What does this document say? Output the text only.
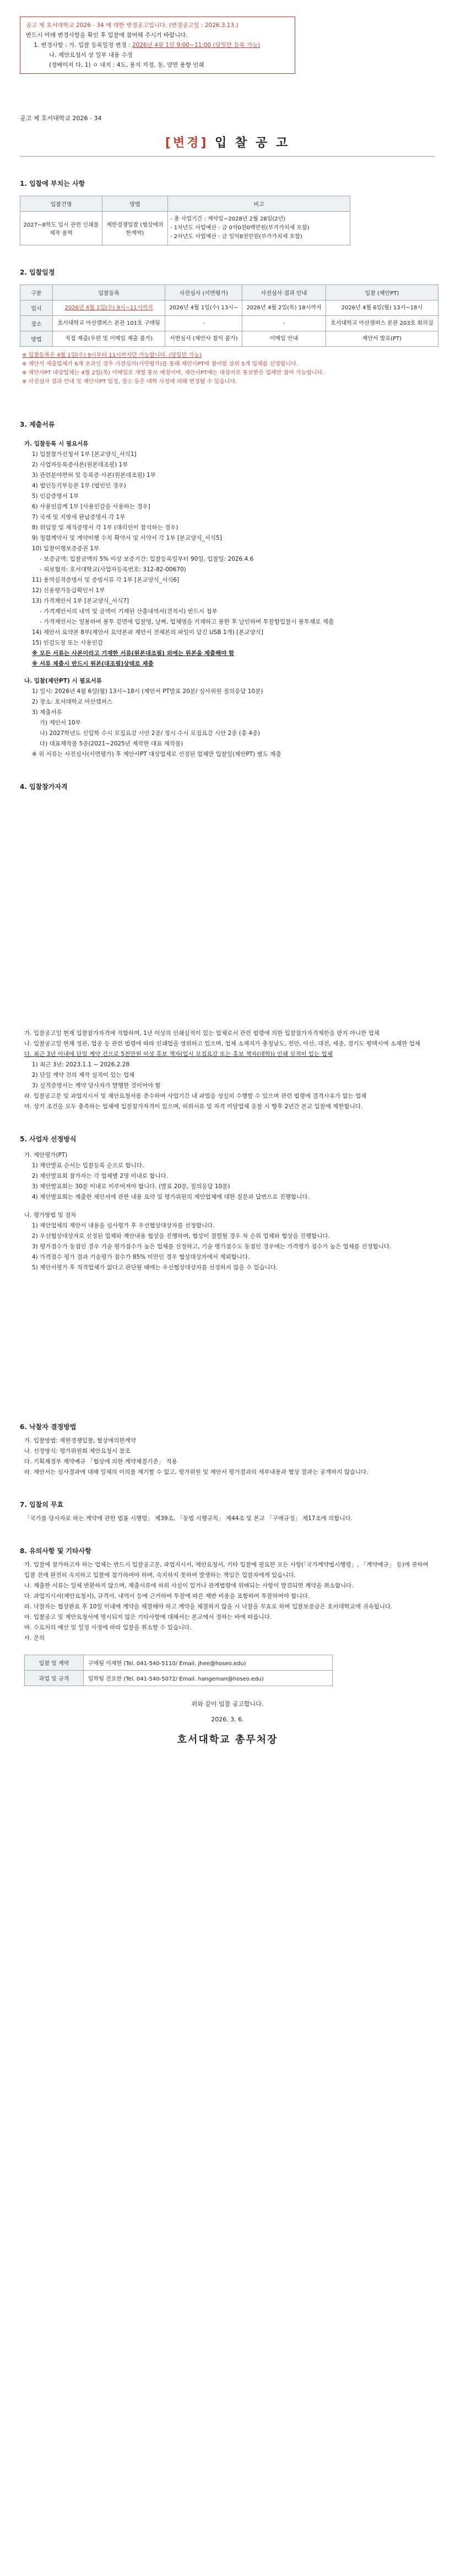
공고 제 호서대학교 2026 - 34 에 대한 변경공고입니다. (변경공고일 : 2026.3.13.)
반드시 아래 변경사항을 확인 후 입찰에 참여해 주시기 바랍니다.
1. 변경사항 : 가. 입찰 등록일정 변경 : 2026년 4월 1일 9:00~11:00 (당일만 등록 가능)
나. 제안요청서 상 일부 내용 수정
(정배이지 다, 1) ㅇ 내지 : 4도, 용지 지정, 동, 양면 용향 인쇄
공고 제 호서대학교 2026 - 34
[변경] 입 찰 공 고
1. 입찰에 부치는 사항
입찰건명	방법	비고
2027~8학도 입시 관련 인쇄물 제작 용역	제한경쟁입찰 (협상에의한계약)	- 총 사업기간 : 계약일~2028년 2월 28일(2년)
- 1차년도 사업예산 : 금 0억0천0백만원(부가가치세 포함)
- 2차년도 사업예산 : 금 일억8천만원(부가가치세 포함)
2. 입찰일정
구분	입찰등록	사전심사 (서면평가)	사전심사 결과 안내	입찰 (제안PT)
일시	2026년 4월 1일(수) 9시~11시까지	2026년 4월 1일(수) 13시~	2026년 4월 2일(목) 18시까지	2026년 4월 6일(월) 13시~18시
장소	호서대학교 아산캠퍼스 본관 101호 구매팀	-	-	호서대학교 아산캠퍼스 본관 203호 회의실
방법	직접 제출(우편 및 이메일 제출 불가)	서면심사 (제안사 참석 불가)	이메일 안내	제안서 발표(PT)
※ 입찰등록은 4월 1일(수) 9시부터 11시까지만 가능합니다. (당일만 가능)
※ 제안서 제출업체가 6개 초과인 경우 사전심사(서면평가)를 통해 제안사PT에 참여할 상위 5개 업체를 선정합니다.
※ 제안사PT 대상업체는 4월 2일(목) 이메일로 개별 통보 예정이며, 제안사PT에는 대상자로 통보받은 업체만 참여 가능합니다.
※ 사전심사 결과 안내 및 제안사PT 일정, 장소 등은 대학 사정에 의해 변경될 수 있습니다.
3. 제출서류
가. 입찰등록 시 필요서류
1) 입찰참가신청서 1부 [본교양식_서식1]
2) 사업자등록증사본(원본대조필) 1부
3) 관련분야면허 및 등록증 사본(원본대조필) 1부
4) 법인등기부등본 1부 (법인인 경우)
5) 인감증명서 1부
6) 사용인감계 1부 [사용인감을 사용하는 경우]
7) 국세 및 지방세 완납증명서 각 1부
8) 위임장 및 재직증명서 각 1부 (대리인이 참석하는 경우)
9) 청렴계약서 및 계약이행 수칙 확약서 및 서약서 각 1부 [본교양식_서식5]
10) 입찰이행보증증권 1부
- 보증금액: 입찰금액의 5% 이상 보증기간: 입찰등록일부터 90일, 입찰일: 2026.4.6
- 피보험자: 호서대학교(사업자등록번호: 312-82-00670)
11) 용역실적증명서 및 증빙서류 각 1부 [본교양식_서식6]
12) 신용평가등급확인서 1부
13) 가격제안서 1부 [본교양식_서식7]
- 가격제안서의 내역 및 금액이 기재된 산출내역서(견적서) 반드시 첨부
- 가격제안서는 밀봉하여 봉투 겉면에 입찰명, 날짜, 업체명을 기재하고 봉한 후 날인하여 투찰함입찰시 봉투채로 제출
14) 제안서 요약본 8부(제안서 요약본과 제안서 전체본의 파일이 담긴 USB 1개) [본교양식]
15) 인감도장 또는 사용인감
※ 모든 서류는 사본이라고 기재한 서류(원본대조필) 외에는 원본을 제출해야 함
※ 서류 제출시 반드시 원본(대조필)상태로 제출
나. 입찰(제안PT) 시 필요서류
1) 일시: 2026년 4월 6일(월) 13시~18시 (제안서 PT발표 20분/ 심사위원 질의응답 10분)
2) 장소: 호서대학교 아산캠퍼스
3) 제출서류
가) 제안서 10부
나) 2027학년도 신입학 수시 모집요강 시안 2종/ 정시 수시 모집요강 시안 2종 (총 4종)
다) 대표제작물 5종(2021~2025년 제작한 대표 제작물)
※ 위 서류는 사전심사(서면평가) 후 제안사PT 대상업체로 선정된 업체만 입찰일(제안PT) 별도 제출
4. 입찰참가자격
가. 입찰공고일 현재 입찰참가자격에 적합하며, 1년 이상의 인쇄실적이 있는 업체로서 관련 법령에 의한 입찰참가자격제한을 받지 아니한 업체
나. 입찰공고일 현재 정관, 업종 등 관련 법령에 따라 인쇄업을 영위하고 있으며, 업체 소재지가 충청남도, 천안, 아산, 대전, 세종, 경기도 평택시에 소재한 업체
다. 최근 3년 이내에 단일 계약 건으로 5천만원 이상 홍보 책자(입시 모집요강 또는 홍보 책자(대학)) 인쇄 실적이 있는 업체
1) 최근 3년: 2023.1.1 ~ 2026.2.28
2) 단일 계약 건의 제작 실적이 있는 업체
3) 실적증명서는 계약 당사자가 발행한 것이어야 함
라. 입찰공고문 및 과업지시서 및 제안요청서를 준수하여 사업기간 내 과업을 성실히 수행할 수 있으며 관련 법령에 결격사유가 없는 업체
마. 상기 조건을 모두 충족하는 업체에 입찰참가자격이 있으며, 허위서류 및 자격 미달업체 응찰 시 향후 2년간 본교 입찰에 제한합니다.
5. 사업자 선정방식
가. 제안평가(PT)
1) 제안발표 순서는 입찰등록 순으로 합니다.
2) 제안발표회 참가자는 각 업체별 2명 이내로 합니다.
3) 제안발표회는 30분 이내로 이루어져야 합니다. (발표 20분, 질의응답 10분)
4) 제안발표회는 제출한 제안서에 관한 내용 요약 및 평가위원의 제안업체에 대한 질문과 답변으로 진행합니다.
나. 평가방법 및 절차
1) 제안업체의 제안서 내용을 심사평가 후 우선협상대상자를 선정합니다.
2) 우선협상대상자로 선정된 업체와 제안내용 협상을 진행하며, 협상이 결렬될 경우 차 순위 업체와 협상을 진행합니다.
3) 평가점수가 동점인 경우 기술 평가점수가 높은 업체를 선정하고, 기술 평가점수도 동점인 경우에는 가격평가 점수가 높은 업체를 선정합니다.
4) 가격점수 평가 결과 기술평가 점수가 85% 미만인 경우 협상대상자에서 제외합니다.
5) 제안서평가 후 적격업체가 없다고 판단될 때에는 우선협상대상자를 선정하지 않을 수 있습니다.
6. 낙찰자 결정방법
가. 입찰방법: 제한경쟁입찰, 협상에의한계약
나. 선정방식: 평가위원회 제안요청서 참조
다. 기획재정부 계약예규 「협상에 의한 계약체결기준」 적용
라. 제안서는 심사결과에 대해 일체의 이의를 제기할 수 없고, 평가위원 및 제안서 평가결과의 세부내용과 협상 결과는 공개하지 않습니다.
7. 입찰의 무효
「국가를 당사자로 하는 계약에 관한 법률 시행령」 제39조, 「동법 시행규칙」 제44조 및 본교 「구매규정」 제17조에 의합니다.
8. 유의사항 및 기타사항
가. 입찰에 참가하고자 하는 업체는 반드시 입찰공고문, 과업지시서, 제안요청서, 기타 입찰에 필요한 모든 사항(「국가계약법시행령」, 「계약예규」 등)에 관하여 입찰 전에 완전히 숙지하고 입찰에 참가하여야 하며, 숙지하지 못하여 발생하는 책임은 입찰자에게 있습니다.
나. 제출한 서류는 일체 반환하지 않으며, 제출서류에 허위 사실이 있거나 관계법령에 위배되는 사항이 발견되면 계약을 취소합니다.
다. 과업지시서(제안요청서), 규격서, 내역서 등에 근거하여 투찰에 따른 제반 비용을 포함하여 투찰하여야 합니다.
라. 낙찰자는 협상완료 후 10일 이내에 계약을 체결해야 하고 계약을 체결하지 않을 시 낙찰을 무효로 하며 입찰보증금은 호서대학교에 귀속됩니다.
마. 입찰공고 및 제안요청서에 명시되지 않은 기타사항에 대해서는 본교에서 정하는 바에 따릅니다.
바. 수요처의 예산 및 일정 사정에 따라 입찰을 취소할 수 있습니다.
사. 문의
입찰 및 계약	구매팀 이재현 (Tel. 041-540-5110/ Email. jhee@hoseo.edu)
과업 및 규격	입학팀 전요한 (Tel. 041-540-5072/ Email. hangeman@hoseo.edu)
위와 같이 입찰 공고합니다.
2026. 3. 6.
호서대학교 총무처장
